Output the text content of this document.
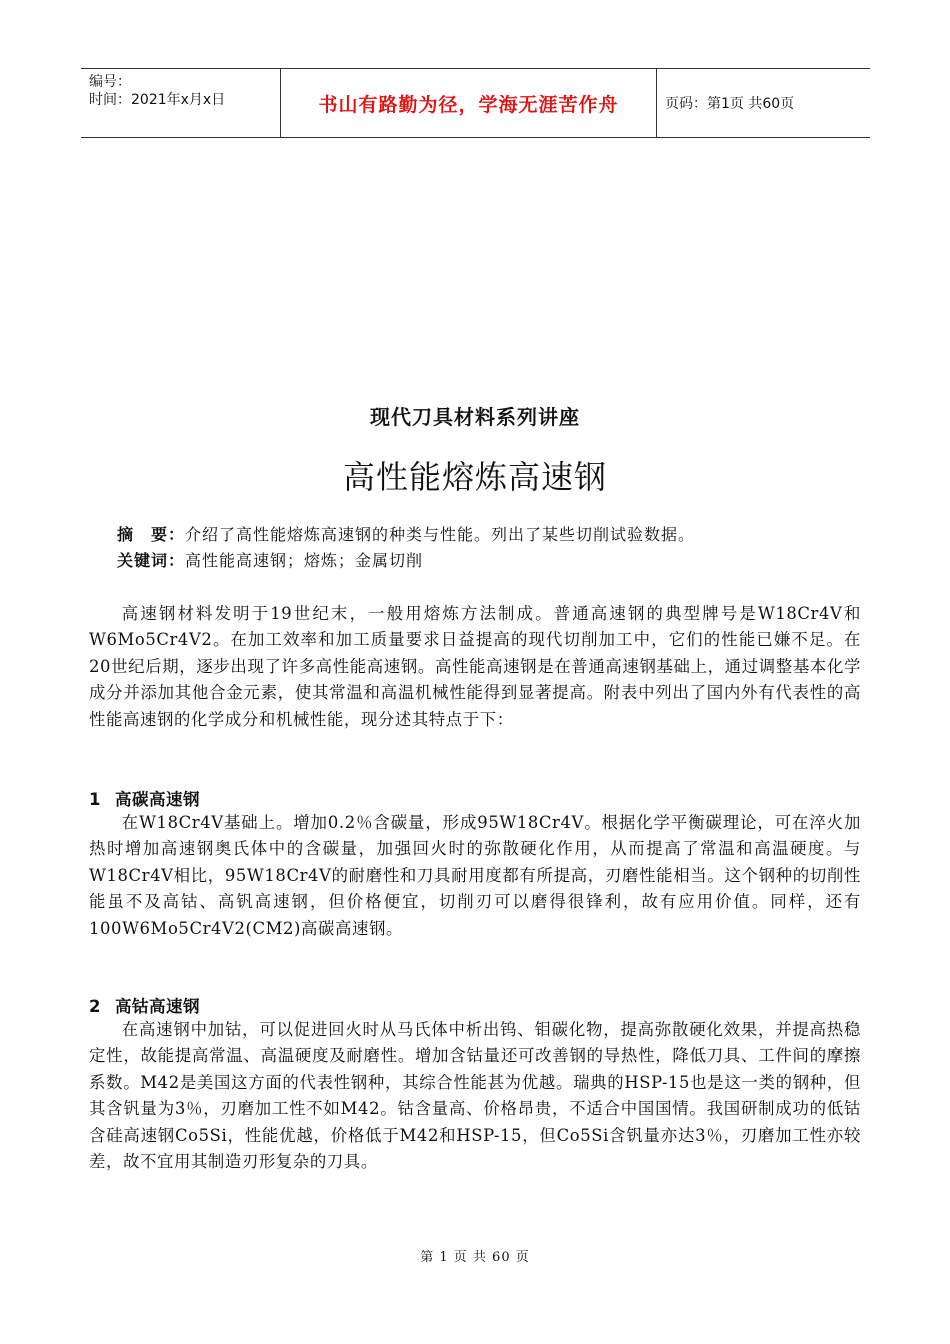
编号：
时间：2021年x月x日	书山有路勤为径，学海无涯苦作舟	页码：第1页 共60页
现代刀具材料系列讲座
高性能熔炼高速钢
摘　要：介绍了高性能熔炼高速钢的种类与性能。列出了某些切削试验数据。
关键词：高性能高速钢；熔炼；金属切削

高速钢材料发明于19世纪末，一般用熔炼方法制成。普通高速钢的典型牌号是W18Cr4V和W6Mo5Cr4V2。在加工效率和加工质量要求日益提高的现代切削加工中，它们的性能已嫌不足。在20世纪后期，逐步出现了许多高性能高速钢。高性能高速钢是在普通高速钢基础上，通过调整基本化学成分并添加其他合金元素，使其常温和高温机械性能得到显著提高。附表中列出了国内外有代表性的高性能高速钢的化学成分和机械性能，现分述其特点于下：

1 高碳高速钢

在W18Cr4V基础上。增加0.2％含碳量，形成95W18Cr4V。根据化学平衡碳理论，可在淬火加热时增加高速钢奥氏体中的含碳量，加强回火时的弥散硬化作用，从而提高了常温和高温硬度。与W18Cr4V相比，95W18Cr4V的耐磨性和刀具耐用度都有所提高，刃磨性能相当。这个钢种的切削性能虽不及高钴、高钒高速钢，但价格便宜，切削刃可以磨得很锋利，故有应用价值。同样，还有100W6Mo5Cr4V2(CM2)高碳高速钢。

2 高钴高速钢

在高速钢中加钴，可以促进回火时从马氏体中析出钨、钼碳化物，提高弥散硬化效果，并提高热稳定性，故能提高常温、高温硬度及耐磨性。增加含钴量还可改善钢的导热性，降低刀具、工件间的摩擦系数。M42是美国这方面的代表性钢种，其综合性能甚为优越。瑞典的HSP-15也是这一类的钢种，但其含钒量为3％，刃磨加工性不如M42。钴含量高、价格昂贵，不适合中国国情。我国研制成功的低钴含硅高速钢Co5Si，性能优越，价格低于M42和HSP-15，但Co5Si含钒量亦达3％，刃磨加工性亦较差，故不宜用其制造刃形复杂的刀具。

第 1 页 共 60 页
